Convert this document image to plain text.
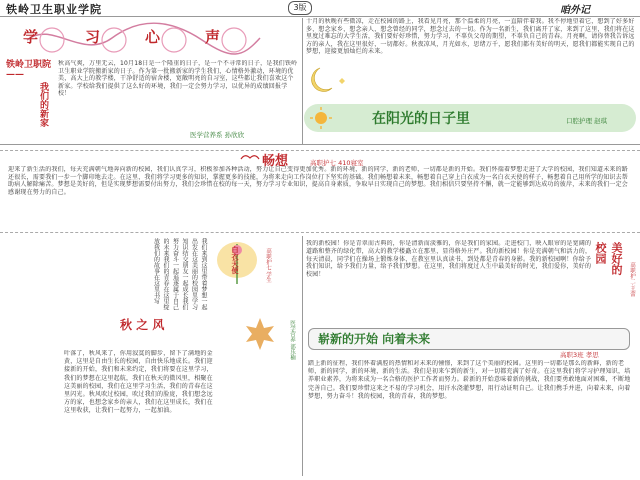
铁岭卫生职业学院	3版	咱外记
学	习	心	声
铁岭卫职院——
我们的新家
秋高气爽，万里无云，10月18日是一个隆重的日子，是一个不寻常的日子，是我们铁岭卫生职业学院搬新家的日子。作为第一批搬新家的学生我们，心情格外激动，环境的优美，高大上的教学楼，干净舒适的宿舍楼，宽敞明亮的自习室，这些都让我们喜欢这个新家。学校给我们提供了这么好的环境，我们一定会努力学习，以优异的成绩回报学校！
医学营养系 孙欣欣
十月的秋晚有些微凉，走在校园的路上，我看见月亮，那个温柔的月亮，一直陪伴着我。我不停地望着它，想到了好多好多，想念家乡，想念亲人，想念曾经的同学，想念过去的一切。作为一名新生，我们离开了家，来到了这里，我们将在这里度过难忘的大学生活，我们要好好珍惜，努力学习，不辜负父母的期望，不辜负自己的青春。月亮啊，请你替我告诉远方的亲人，我在这里很好，一切都好。秋夜凉风，月光如水，思绪万千，愿我们都有美好的明天，愿我们都能实现自己的梦想，迎接更加灿烂的未来。
在阳光的日子里	口腔护理 赵琪
畅想	高职护七 410寝室
迎来了新生活的我们，每天充满朝气地奔向新的校园，我们认真学习，积极参加各种活动，努力让自己变得更加优秀。新的环境，新的同学，新的老师，一切都是新的开始。我们怀揣着梦想走进了大学的校园，我们知道未来的路还很长，需要我们一步一个脚印地去走。在这里，我们将学习更多的知识，掌握更多的技能，为将来走向工作岗位打下坚实的基础。我们畅想着未来，畅想着自己穿上白衣成为一名白衣天使的样子，畅想着自己用所学的知识去帮助病人解除痛苦。梦想是美好的，但是实现梦想需要付出努力，我们会珍惜在校的每一天，努力学习专业知识，提高自身素质，争取早日实现自己的梦想。我们相信只要坚持不懈，就一定能够到达成功的彼岸，未来的我们一定会感谢现在努力的自己。
我们来到这里带着梦想一起出发在这美丽的校园里学习知识结交朋友一起成长我们努力奋斗一起追逐属于自己的未来我们的青春在这里绽放我们的故事在这里书写	白衣天使	高职护七 学生
秋 之 风	医学营养 部乐楠
叶落了，秋风来了，你用寂寞的脚步，留下了满地的金黄，这里是自由生长的校园，自由快乐地成长。我们迎接新的开始，我们和未来约定，我们将要在这里学习，我们的梦想在这里起航，我们在秋天的微风里，相聚在这美丽的校园，我们在这里学习生活，我们的青春在这里闪光。秋风吹过校园，吹过我们的脸庞，我们想念远方的家，也想念家乡的亲人，我们在这里成长，我们在这里收获，让我们一起努力，一起加油。
我的新校园！你是青翠而古典的，你是清新而淡雅的，你是我们的家园。走进校门，映入眼帘的是宽阔的道路和整齐的绿化带，高大的教学楼矗立在那里，显得格外庄严。我的新校园！你是充满朝气和活力的，每天清晨，同学们在操场上锻炼身体，在教室里认真读书，到处都是青春的身影。我的新校园啊！你给予我们知识，给予我们力量，给予我们梦想。在这里，我们将度过人生中最美好的时光，我们爱你，美好的校园！	美好的校园
高职护二·王蕾
崭新的开始 向着未来
高职3班 孝思
踏上新的征程，我们怀着满腔的热情和对未来的憧憬，来到了这个美丽的校园。这里的一切都是那么的新鲜，新的老师，新的同学，新的环境，新的生活。我们是初来乍到的新生，对一切都充满了好奇。在这里我们将学习护理知识，培养职业素养，为将来成为一名合格的医护工作者而努力。崭新的开始意味着新的挑战，我们要勇敢地面对困难，不断地完善自己。我们要珍惜这来之不易的学习机会，用汗水浇灌梦想，用行动证明自己。让我们携手并进，向着未来，向着梦想，努力奋斗！我的校园，我的青春，我的梦想。
